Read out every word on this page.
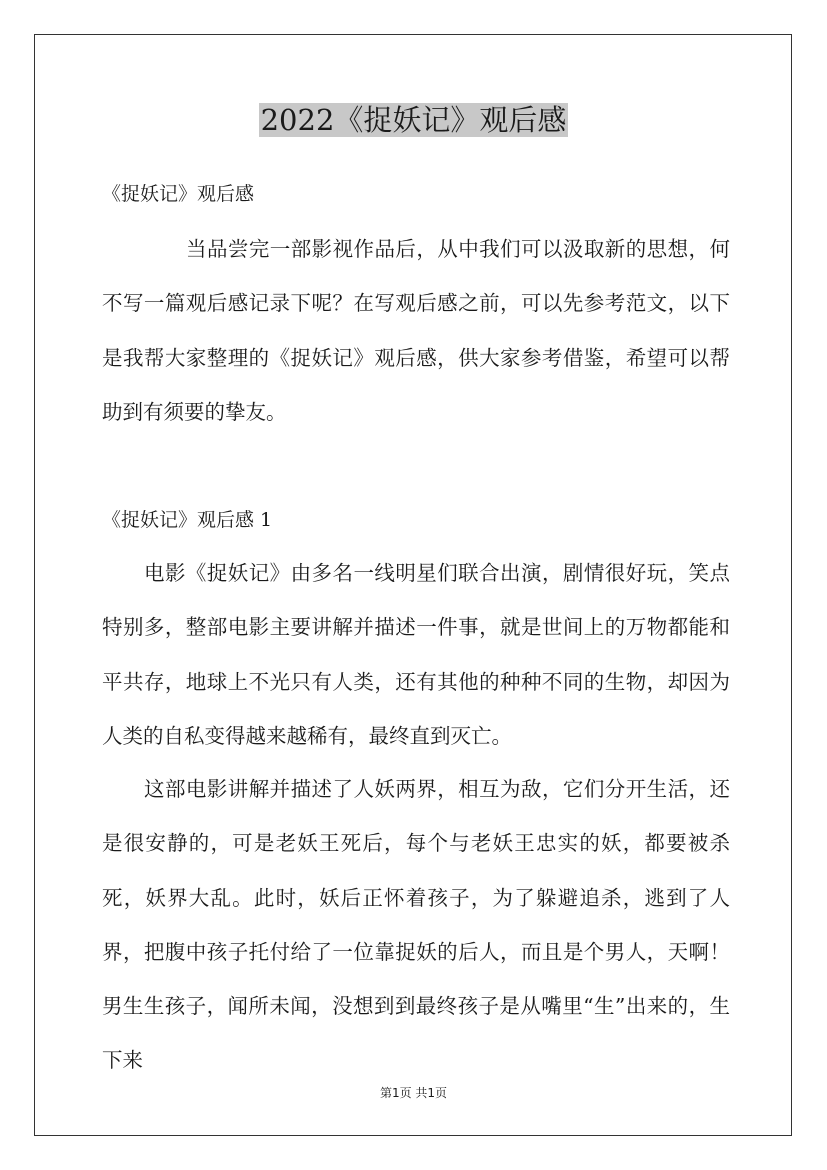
2022《捉妖记》观后感
《捉妖记》观后感

当品尝完一部影视作品后，从中我们可以汲取新的思想，何不写一篇观后感记录下呢？在写观后感之前，可以先参考范文，以下是我帮大家整理的《捉妖记》观后感，供大家参考借鉴，希望可以帮助到有须要的挚友。

《捉妖记》观后感 1

电影《捉妖记》由多名一线明星们联合出演，剧情很好玩，笑点特别多，整部电影主要讲解并描述一件事，就是世间上的万物都能和平共存，地球上不光只有人类，还有其他的种种不同的生物，却因为人类的自私变得越来越稀有，最终直到灭亡。

这部电影讲解并描述了人妖两界，相互为敌，它们分开生活，还是很安静的，可是老妖王死后，每个与老妖王忠实的妖，都要被杀死，妖界大乱。此时，妖后正怀着孩子，为了躲避追杀，逃到了人界，把腹中孩子托付给了一位靠捉妖的后人，而且是个男人，天啊！男生生孩子，闻所未闻，没想到到最终孩子是从嘴里“生”出来的，生下来

第1页 共1页
